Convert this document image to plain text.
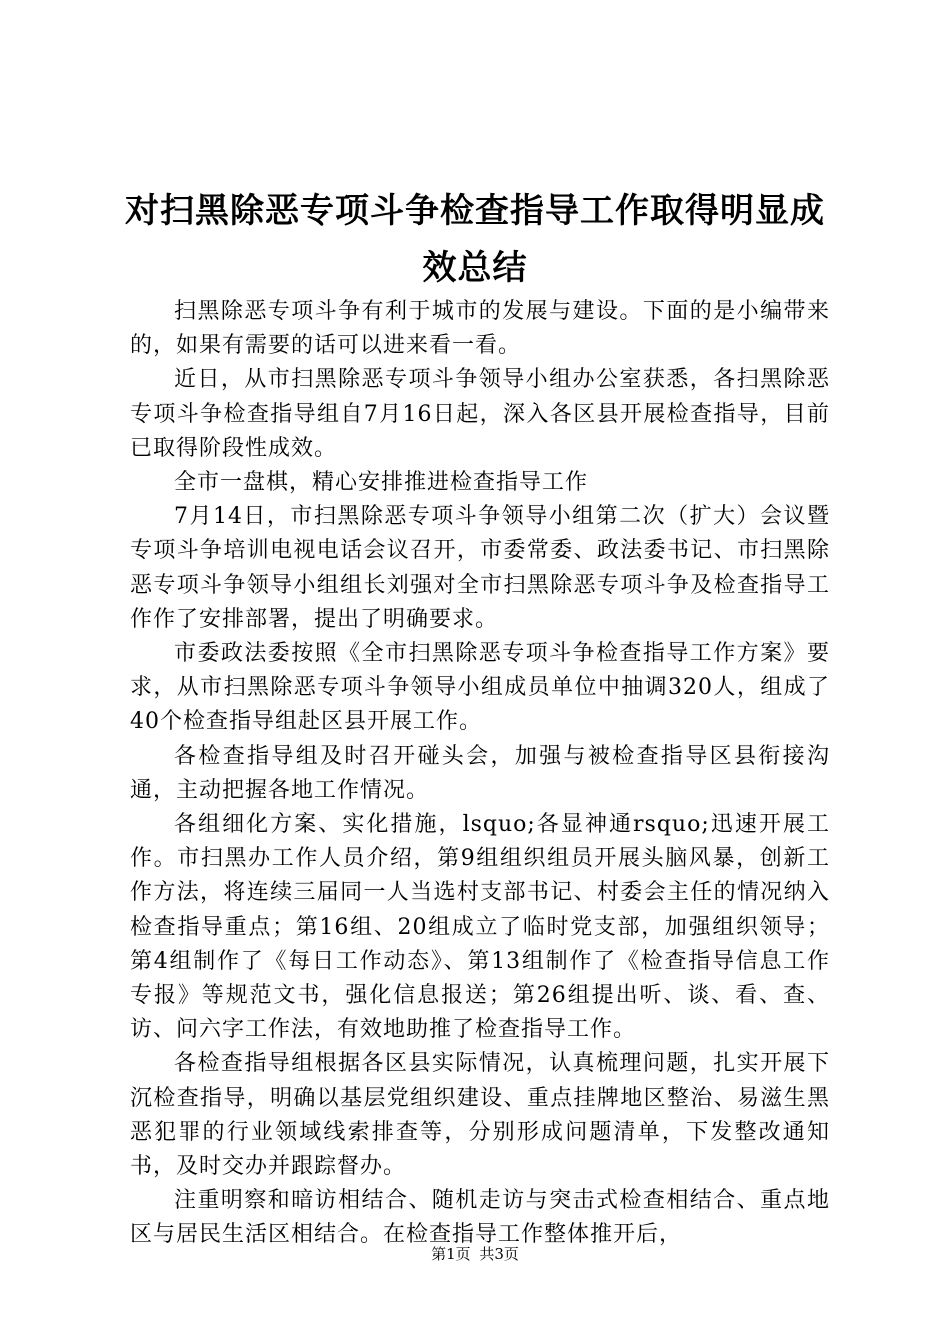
对扫黑除恶专项斗争检查指导工作取得明显成效总结

扫黑除恶专项斗争有利于城市的发展与建设。下面的是小编带来的，如果有需要的话可以进来看一看。

近日，从市扫黑除恶专项斗争领导小组办公室获悉，各扫黑除恶专项斗争检查指导组自7月16日起，深入各区县开展检查指导，目前已取得阶段性成效。

全市一盘棋，精心安排推进检查指导工作

7月14日，市扫黑除恶专项斗争领导小组第二次（扩大）会议暨专项斗争培训电视电话会议召开，市委常委、政法委书记、市扫黑除恶专项斗争领导小组组长刘强对全市扫黑除恶专项斗争及检查指导工作作了安排部署，提出了明确要求。

市委政法委按照《全市扫黑除恶专项斗争检查指导工作方案》要求，从市扫黑除恶专项斗争领导小组成员单位中抽调320人，组成了40个检查指导组赴区县开展工作。

各检查指导组及时召开碰头会，加强与被检查指导区县衔接沟通，主动把握各地工作情况。

各组细化方案、实化措施，lsquo;各显神通rsquo;迅速开展工作。市扫黑办工作人员介绍，第9组组织组员开展头脑风暴，创新工作方法，将连续三届同一人当选村支部书记、村委会主任的情况纳入检查指导重点；第16组、20组成立了临时党支部，加强组织领导；第4组制作了《每日工作动态》、第13组制作了《检查指导信息工作专报》等规范文书，强化信息报送；第26组提出听、谈、看、查、访、问六字工作法，有效地助推了检查指导工作。

各检查指导组根据各区县实际情况，认真梳理问题，扎实开展下沉检查指导，明确以基层党组织建设、重点挂牌地区整治、易滋生黑恶犯罪的行业领域线索排查等，分别形成问题清单，下发整改通知书，及时交办并跟踪督办。

注重明察和暗访相结合、随机走访与突击式检查相结合、重点地区与居民生活区相结合。在检查指导工作整体推开后，

第1页 共3页
